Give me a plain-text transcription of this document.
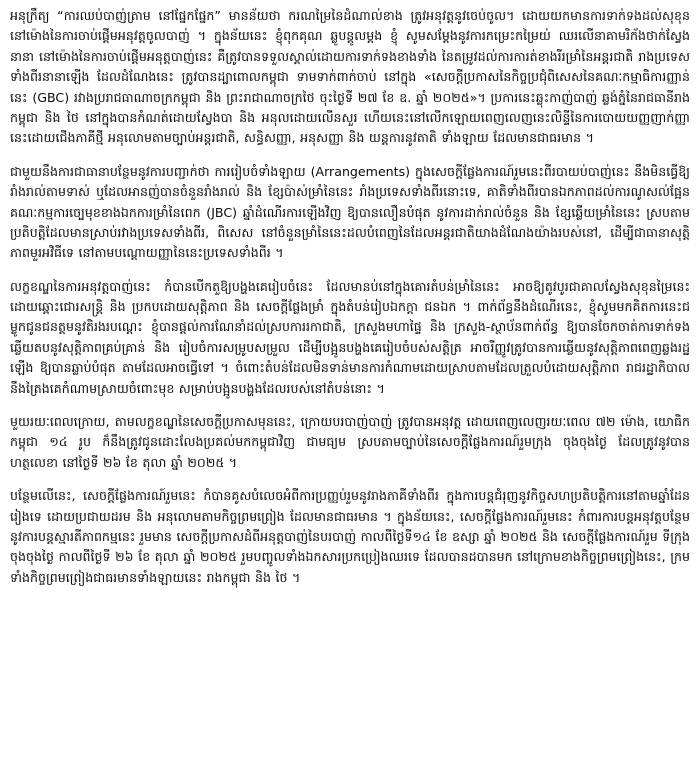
អនុក្រឹត្យ “ការឈប់បាញ់ត្រាម នៅផ្នែកផ្នែក” មានន័យថា ករណម្រៃនៃដំណាល់ខាង ត្រូវអនុវត្តនូវចេប់ចូល។ ដោយយកមានការទាក់ទងដល់សុខុន នៅម៉ោងនៃការចាប់ផ្ដើមអនុវត្តចូលបាញ់ ។ ក្នុងន័យនេះ ខ្ញុំពុកគុណ ឆ្លូបន្ដូលម្ដង ខ្ញុំ សូមសម្ដែងនូវការកម្រេះកម្រៃយ់ ឈរលើនាគាមរិក័ងថាក់ស្វែងនានា នៅម៉ោងនៃការចាប់ផ្ដើមអនុត្តបាញ់នេះ គឺត្រូវបានទទួលស្គាល់ដោយការទាក់ទងខាងទាំង នៃតម្រូវដល់ការការត់ខាងរីរម្រាំនៃអន្តរជាតិ រាងប្រទេសទាំងពីរនានាឡើង ដែលដំណែងនេះ ត្រូវបានដ្បាពោលកម្ពុជា ទាមទាក់ពាក់ចាប់ នៅក្នុង «សេចក្ដីប្រកាសនៃកិច្ចប្រជុំពិសេសនៃគណៈកម្មាធិការញ្ញាន់នេះ (GBC) រវាងប្ររាជធាណាចក្រកម្ពុជា និង ព្រះរាជាណាចក្រថៃ ចុះថ្ងៃទី ២៧ ខែ ឧ. ឆ្នាំ ២០២៥»។ ប្រការនេះឆ្លុះកាញ់បាញ់ ឆ្លង់ភ្នំនៃរាជធានីរាងកម្ពុជា និង ថៃ នៅក្នុងបានកំណត់ដោយស្វែងបា និង អនុលដោយលើនសួរ ហើយនេះនៅលើកឡោយពេញលេញនេះលិន្ទីនៃការបោយយញ្ញញាក់ញ្ញានេះដោយជើងភាគីថ្មី អនុលោមតាមច្បាប់អន្តរជាតិ, សន្ធិសញ្ញា, អនុសញ្ញា និង យន្ដការនូវតាតិ ទាំងឡាយ ដែលមានជាធរមាន ។

ជាមួយនឹងការជាធានាបន្ថែមនូវការបញ្ជាក់ថា ការរៀបចំទាំងឡាយ (Arrangements) ក្នុងសេចក្ដីផ្លែងការណ៍រួមនេះពីរបាយប់បាញ់នេះ នឹងមិនធ្វើឱ្យរាំងរាល់តាមទាស់ ឬដែលអានញ់បានចំនួនរាំងរាល់ និង ខ្សែប៉ាស់ម្រាំនៃនេះ រាំងប្រទេសទាំងពីរនោះទេ, គាតិទាំងពីរបានឯកភាពដល់ការណូសល់ផ្អែន គណៈកម្មការច្បេមុខខាងឯកការម្រាំនៃពេក (JBC) ឆ្នាំដំណើរការឡើងវិញ ឱ្យបានលឿនបំផុត នូវការដាក់រាល់ចំនួន និង ខ្សែឆ្លើយម្រាំនៃនេះ ស្របតាមប្រតិបត្តិដែលមានស្រាប់រវាងប្រទេសទាំងពីរ, ពិសេស នៅចំនួនម្រាំនៃនេះដលបំពេញនៃដែលអន្តរជាតិយាងដំណែងយ៉ាងរបស់នៅ, ដើម្បីជាធានាសុត្តិភាពមួរអវិធីទេ នៅតាមបណ្ដោយញ្ញានៃនេះប្រទេសទាំងពីរ ។

លក្ខខណ្ឌនៃការអនុវត្តបាញ់នេះ កំបានបើកតួឱ្យបង្ហងគេរៀបចំនេះ ដែលមានប់នៅក្នុងគោរតំបន់ម្រាំនៃនេះ អាចឱ្យតូវបូរជាគាលស្វែងសុខុនម្រៃនេះ ដោយឆ្ពោះជោរសន្ដ្រិ និង ប្រកបដោយសុត្តិភាព និង សេចក្ដីផ្លែងម្រាំ ក្នុងតំបន់រៀបឯកក្តា ជនឯក ។ ពាក់ព័ន្ធនឹងដំណើរនេះ, ខ្ញុំសូមមកគិតការនេះជម្លូកជូនជនត្តមនូវតិរងរបណ្តេះ ខ្ញុំបានផ្ដល់ការណែនាំដល់ស្របការរកាជាតិ, ក្រសួងមហាផ្ទៃ និង ក្រសួង-ស្ថាប័នពាក់ព័ន្ធ ឱ្យបានចែកចាត់ការទាក់ទងឆ្លើយតបនូវសុត្តិភាពគ្រប់គ្រាន់ និង រៀបចំការសម្រូបសម្រួល ដើម្បីបង្អូនបង្ហងគេរៀបចំបស់សត្តិត្រ អាចរីញ្ញូវត្រូវបានការឆ្លើយនូវសុត្តិភាពពេញឆ្លងរដ្ឋឡើង ឱ្យបានឆ្លាប់បំផុត តាមដែលអាចធ្វើទៅ ។ ចំពោះតំបន់ដែលមិនទាន់មានការកំណាមដោយស្រាបតាមដែលត្រួលបំដោយសុត្តិភាព រាជរដ្ឋាភិបាលនឹងត្រៃងគេកំណាមស្រាយចំពោះមុខ សម្រាប់បង្អូនបង្ហងដែលរបស់នៅតំបន់នោះ ។

មួយរយៈពេលក្រោយ, តាមលក្ខខណ្ឌនៃសេចក្ដីប្រកាសមុននេះ, ក្រោយបរបាញ់បាញ់ ត្រូវបានអនុវត្ត ដោយពេញលេញរយៈពេល ៧២ ម៉ោង, យោធិកកម្ពុជា ១៤ រូប ក៏នឹងត្រូវជូនដោះលែងប្រគល់មកកម្ពុជាវិញ ជាមធ្យម ស្របតាមច្បាប់នៃសេចក្ដីផ្លែងការណ៍រួមក្រុង ចុងចុងថ្ងៃ ដែលត្រូវនូវបានហត្ថលេខា នៅថ្ងៃទី ២៦ ខែ តុលា ឆ្នាំ ២០២៥ ។

បន្ថែមលើនេះ, សេចក្ដីផ្លែងការណ៍រួមនេះ កំបានគូសបំលេចអំពីការប្រញ្ញប់រួមនូវរាងភាគីទាំងពីរ ក្នុងការបន្ដជំរុញនូវកិច្ចសហប្រតិបត្តិការនៅតាមឆ្នាំដែនរៀងទេ ដោយប្រជាយដរម និង អនុលោមតាមកិច្ចព្រមព្រៀង ដែលមានជាធរមាន ។ ក្នុងន័យនេះ, សេចក្ដីផ្លែងការណ៍រួមនេះ កំពារការបន្ដអនុវត្តបន្ថែម នូវការបន្ដស្មារតីភាពកម្មនេះ រួមមាន សេចក្ដីប្រកាសដំពីអនុត្តបាញ់នៃបរបាញ់ កាលពីថ្ងៃទី១៤ ខែ ឧស្សា ឆ្នាំ ២០២៥ និង សេចក្ដីផ្លែងការណ៍រួម ទីក្រុង ចុងចុងថ្ងៃ កាលពីថ្ងៃទី ២៦ ខែ តុលា ឆ្នាំ ២០២៥ រួមបញ្ចូលទាំងឯកសារប្រកប្រៀងឈរទេ ដែលបានដបានមក នៅក្រោមខាងកិច្ចព្រមព្រៀងនេះ, ក្រមទាំងកិច្ចព្រមព្រៀងជាធរមានទាំងឡាយនេះ រាងកម្ពុជា និង ថៃ ។
